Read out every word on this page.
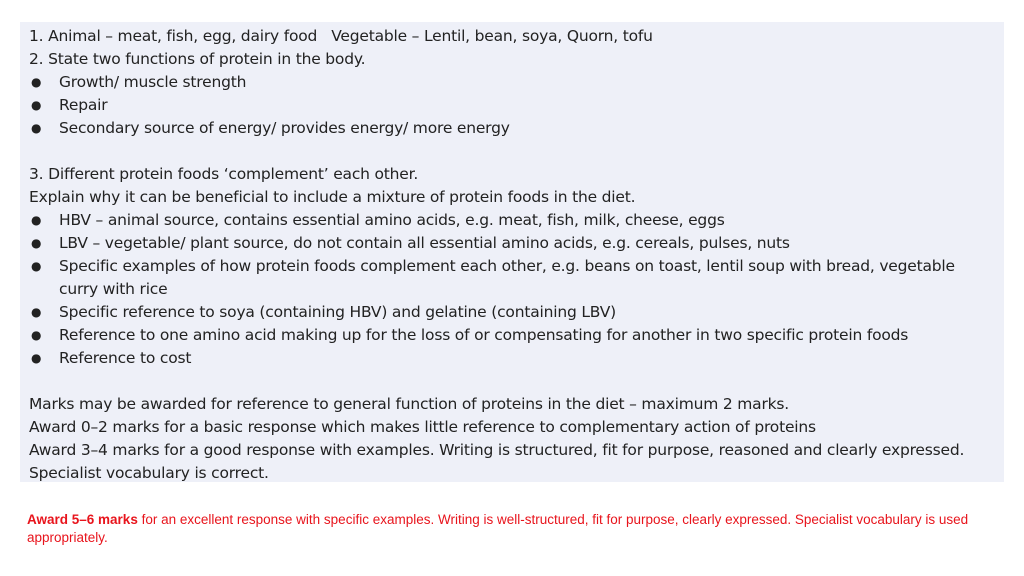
1. Animal – meat, fish, egg, dairy food Vegetable – Lentil, bean, soya, Quorn, tofu
2. State two functions of protein in the body.
●	Growth/ muscle strength
●	Repair
●	Secondary source of energy/ provides energy/ more energy
3. Different protein foods ‘complement’ each other.
Explain why it can be beneficial to include a mixture of protein foods in the diet.
●	HBV – animal source, contains essential amino acids, e.g. meat, fish, milk, cheese, eggs
●	LBV – vegetable/ plant source, do not contain all essential amino acids, e.g. cereals, pulses, nuts
●	Specific examples of how protein foods complement each other, e.g. beans on toast, lentil soup with bread, vegetable curry with rice
●	Specific reference to soya (containing HBV) and gelatine (containing LBV)
●	Reference to one amino acid making up for the loss of or compensating for another in two specific protein foods
●	Reference to cost
Marks may be awarded for reference to general function of proteins in the diet – maximum 2 marks.
Award 0–2 marks for a basic response which makes little reference to complementary action of proteins
Award 3–4 marks for a good response with examples. Writing is structured, fit for purpose, reasoned and clearly expressed.
Specialist vocabulary is correct.
Award 5–6 marks for an excellent response with specific examples. Writing is well-structured, fit for purpose, clearly expressed. Specialist vocabulary is used appropriately.
